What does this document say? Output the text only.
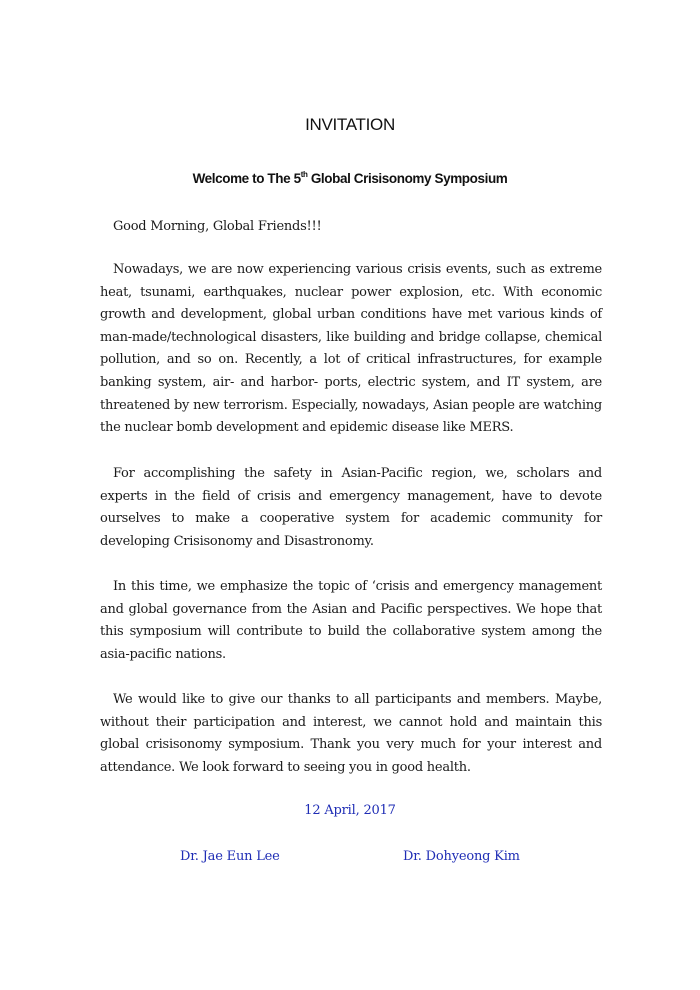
INVITATION
Welcome to The 5th Global Crisisonomy Symposium

Good Morning, Global Friends!!!

Nowadays, we are now experiencing various crisis events, such as extreme heat, tsunami, earthquakes, nuclear power explosion, etc. With economic growth and development, global urban conditions have met various kinds of man-made/technological disasters, like building and bridge collapse, chemical pollution, and so on. Recently, a lot of critical infrastructures, for example banking system, air- and harbor- ports, electric system, and IT system, are threatened by new terrorism. Especially, nowadays, Asian people are watching the nuclear bomb development and epidemic disease like MERS.

For accomplishing the safety in Asian-Pacific region, we, scholars and experts in the field of crisis and emergency management, have to devote ourselves to make a cooperative system for academic community for developing Crisisonomy and Disastronomy.

In this time, we emphasize the topic of ‘crisis and emergency management and global governance from the Asian and Pacific perspectives. We hope that this symposium will contribute to build the collaborative system among the asia-pacific nations.

We would like to give our thanks to all participants and members. Maybe, without their participation and interest, we cannot hold and maintain this global crisisonomy symposium. Thank you very much for your interest and attendance. We look forward to seeing you in good health.

12 April, 2017
Dr. Jae Eun Lee	Dr. Dohyeong Kim
